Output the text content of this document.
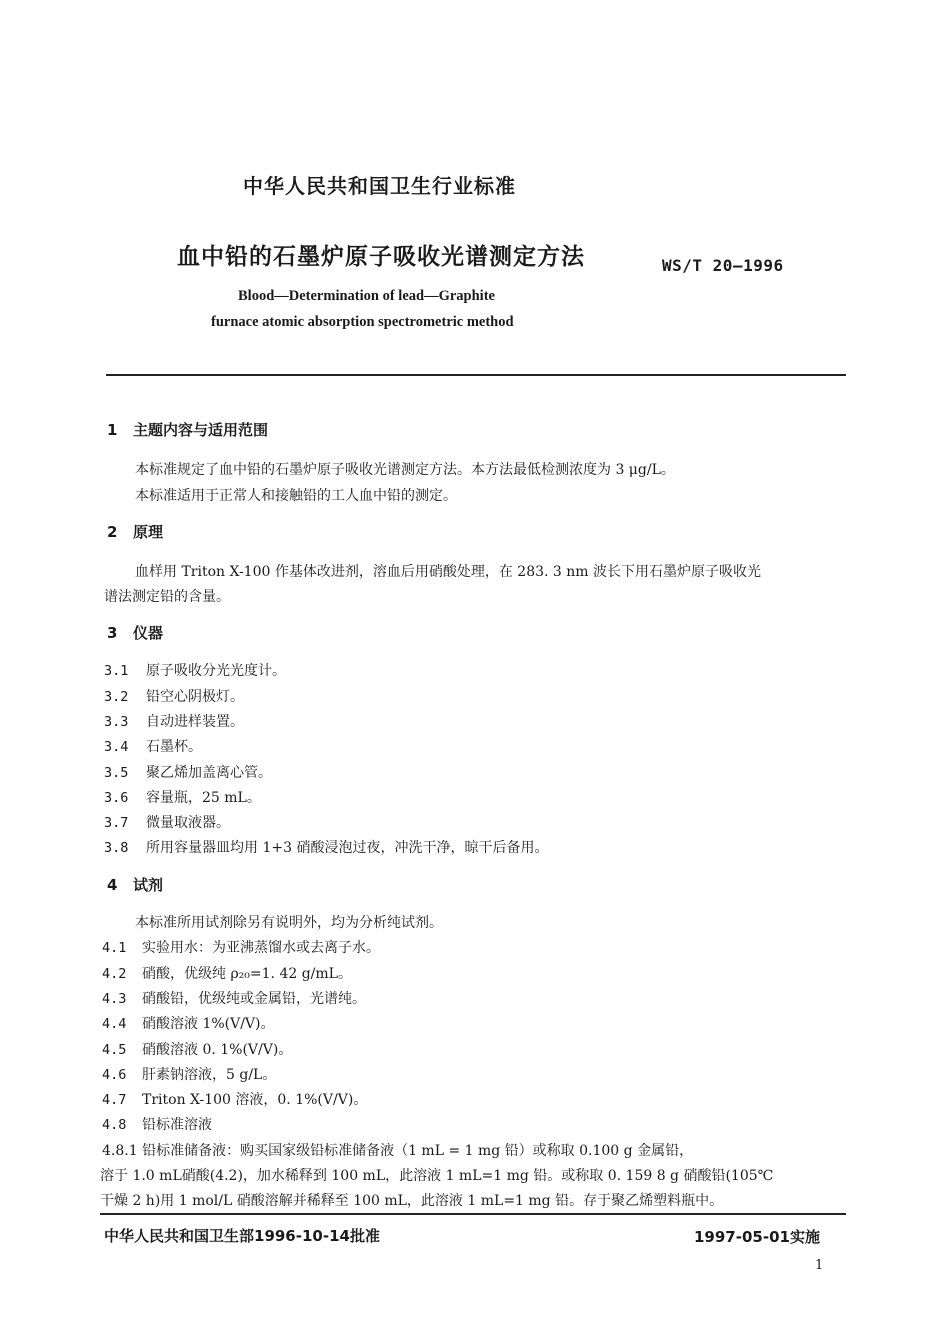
中华人民共和国卫生行业标准
血中铅的石墨炉原子吸收光谱测定方法	WS/T 20—1996
Blood—Determination of lead—Graphite
furnace atomic absorption spectrometric method
1 主题内容与适用范围
本标准规定了血中铅的石墨炉原子吸收光谱测定方法。本方法最低检测浓度为 3 μg/L。
本标准适用于正常人和接触铅的工人血中铅的测定。
2 原理
血样用 Triton X-100 作基体改进剂，溶血后用硝酸处理，在 283. 3 nm 波长下用石墨炉原子吸收光
谱法测定铅的含量。
3 仪器
3.1 原子吸收分光光度计。
3.2 铅空心阴极灯。
3.3 自动进样装置。
3.4 石墨杯。
3.5 聚乙烯加盖离心管。
3.6 容量瓶，25 mL。
3.7 微量取液器。
3.8 所用容量器皿均用 1+3 硝酸浸泡过夜，冲洗干净，晾干后备用。
4 试剂
本标准所用试剂除另有说明外，均为分析纯试剂。
4.1 实验用水：为亚沸蒸馏水或去离子水。
4.2 硝酸，优级纯 ρ₂₀=1. 42 g/mL。
4.3 硝酸铅，优级纯或金属铅，光谱纯。
4.4 硝酸溶液 1%(V/V)。
4.5 硝酸溶液 0. 1%(V/V)。
4.6 肝素钠溶液，5 g/L。
4.7 Triton X-100 溶液，0. 1%(V/V)。
4.8 铅标准溶液
4.8.1 铅标准储备液：购买国家级铅标准储备液（1 mL = 1 mg 铅）或称取 0.100 g 金属铅，
溶于 1.0 mL硝酸(4.2)，加水稀释到 100 mL，此溶液 1 mL=1 mg 铅。或称取 0. 159 8 g 硝酸铅(105℃
干燥 2 h)用 1 mol/L 硝酸溶解并稀释至 100 mL，此溶液 1 mL=1 mg 铅。存于聚乙烯塑料瓶中。
中华人民共和国卫生部1996-10-14批准	1997-05-01实施
1
